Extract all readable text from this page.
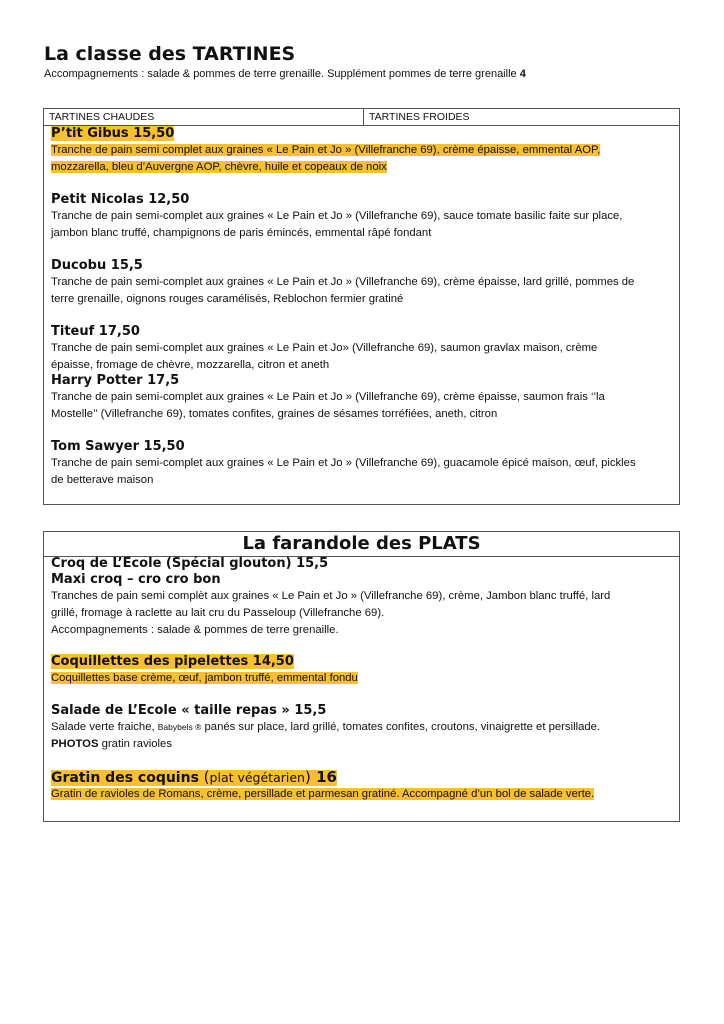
La classe des TARTINES
Accompagnements : salade & pommes de terre grenaille. Supplément pommes de terre grenaille 4
TARTINES CHAUDES	TARTINES FROIDES
P’tit Gibus 15,50
Tranche de pain semi complet aux graines « Le Pain et Jo » (Villefranche 69), crème épaisse, emmental AOP,
mozzarella, bleu d’Auvergne AOP, chèvre, huile et copeaux de noix
Petit Nicolas 12,50
Tranche de pain semi-complet aux graines « Le Pain et Jo » (Villefranche 69), sauce tomate basilic faite sur place,
jambon blanc truffé, champignons de paris émincés, emmental râpé fondant
Ducobu 15,5
Tranche de pain semi-complet aux graines « Le Pain et Jo » (Villefranche 69), crème épaisse, lard grillé, pommes de
terre grenaille, oignons rouges caramélisés, Reblochon fermier gratiné
Titeuf 17,50
Tranche de pain semi-complet aux graines « Le Pain et Jo» (Villefranche 69), saumon gravlax maison, crème
épaisse, fromage de chèvre, mozzarella, citron et aneth
Harry Potter 17,5
Tranche de pain semi-complet aux graines « Le Pain et Jo » (Villefranche 69), crème épaisse, saumon frais ‘’la
Mostelle’’ (Villefranche 69), tomates confites, graines de sésames torréfiées, aneth, citron
Tom Sawyer 15,50
Tranche de pain semi-complet aux graines « Le Pain et Jo » (Villefranche 69), guacamole épicé maison, œuf, pickles
de betterave maison
La farandole des PLATS
Croq de L’Ecole (Spécial glouton) 15,5
Maxi croq – cro cro bon
Tranches de pain semi complèt aux graines « Le Pain et Jo » (Villefranche 69), crème, Jambon blanc truffé, lard
grillé, fromage à raclette au lait cru du Passeloup (Villefranche 69).
Accompagnements : salade & pommes de terre grenaille.
Coquillettes des pipelettes 14,50
Coquillettes base crème, œuf, jambon truffé, emmental fondu
Salade de L’Ecole « taille repas » 15,5
Salade verte fraiche, Babybels ® panés sur place, lard grillé, tomates confites, croutons, vinaigrette et persillade.
PHOTOS gratin ravioles
Gratin des coquins (plat végétarien) 16
Gratin de ravioles de Romans, crème, persillade et parmesan gratiné. Accompagné d’un bol de salade verte.
